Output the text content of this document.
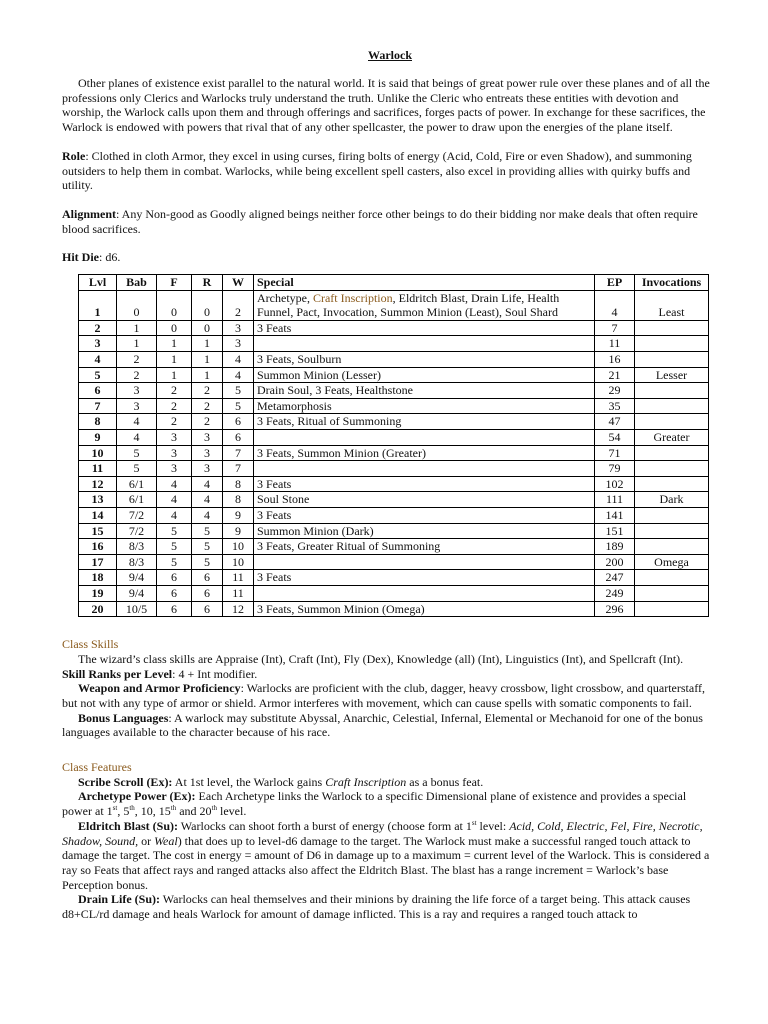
Warlock

Other planes of existence exist parallel to the natural world. It is said that beings of great power rule over these planes and of all the professions only Clerics and Warlocks truly understand the truth. Unlike the Cleric who entreats these entities with devotion and worship, the Warlock calls upon them and through offerings and sacrifices, forges pacts of power. In exchange for these sacrifices, the Warlock is endowed with powers that rival that of any other spellcaster, the power to draw upon the energies of the plane itself.

Role: Clothed in cloth Armor, they excel in using curses, firing bolts of energy (Acid, Cold, Fire or even Shadow), and summoning outsiders to help them in combat. Warlocks, while being excellent spell casters, also excel in providing allies with quirky buffs and utility.

Alignment: Any Non-good as Goodly aligned beings neither force other beings to do their bidding nor make deals that often require blood sacrifices.

Hit Die: d6.

Lvl	Bab	F	R	W	Special	EP	Invocations
1	0	0	0	2	Archetype, Craft Inscription, Eldritch Blast, Drain Life, Health Funnel, Pact, Invocation, Summon Minion (Least), Soul Shard	4	Least
2	1	0	0	3	3 Feats	7	
3	1	1	1	3		11	
4	2	1	1	4	3 Feats, Soulburn	16	
5	2	1	1	4	Summon Minion (Lesser)	21	Lesser
6	3	2	2	5	Drain Soul, 3 Feats, Healthstone	29	
7	3	2	2	5	Metamorphosis	35	
8	4	2	2	6	3 Feats, Ritual of Summoning	47	
9	4	3	3	6		54	Greater
10	5	3	3	7	3 Feats, Summon Minion (Greater)	71	
11	5	3	3	7		79	
12	6/1	4	4	8	3 Feats	102	
13	6/1	4	4	8	Soul Stone	111	Dark
14	7/2	4	4	9	3 Feats	141	
15	7/2	5	5	9	Summon Minion (Dark)	151	
16	8/3	5	5	10	3 Feats, Greater Ritual of Summoning	189	
17	8/3	5	5	10		200	Omega
18	9/4	6	6	11	3 Feats	247	
19	9/4	6	6	11		249	
20	10/5	6	6	12	3 Feats, Summon Minion (Omega)	296	
Class Skills

The wizard’s class skills are Appraise (Int), Craft (Int), Fly (Dex), Knowledge (all) (Int), Linguistics (Int), and Spellcraft (Int).

Skill Ranks per Level: 4 + Int modifier.

Weapon and Armor Proficiency: Warlocks are proficient with the club, dagger, heavy crossbow, light crossbow, and quarterstaff, but not with any type of armor or shield. Armor interferes with movement, which can cause spells with somatic components to fail.

Bonus Languages: A warlock may substitute Abyssal, Anarchic, Celestial, Infernal, Elemental or Mechanoid for one of the bonus languages available to the character because of his race.

Class Features

Scribe Scroll (Ex): At 1st level, the Warlock gains Craft Inscription as a bonus feat.

Archetype Power (Ex): Each Archetype links the Warlock to a specific Dimensional plane of existence and provides a special power at 1st, 5th, 10, 15th and 20th level.

Eldritch Blast (Su): Warlocks can shoot forth a burst of energy (choose form at 1st level: Acid, Cold, Electric, Fel, Fire, Necrotic, Shadow, Sound, or Weal) that does up to level-d6 damage to the target. The Warlock must make a successful ranged touch attack to damage the target. The cost in energy = amount of D6 in damage up to a maximum = current level of the Warlock. This is considered a ray so Feats that affect rays and ranged attacks also affect the Eldritch Blast. The blast has a range increment = Warlock’s base Perception bonus.

Drain Life (Su): Warlocks can heal themselves and their minions by draining the life force of a target being. This attack causes d8+CL/rd damage and heals Warlock for amount of damage inflicted. This is a ray and requires a ranged touch attack to
